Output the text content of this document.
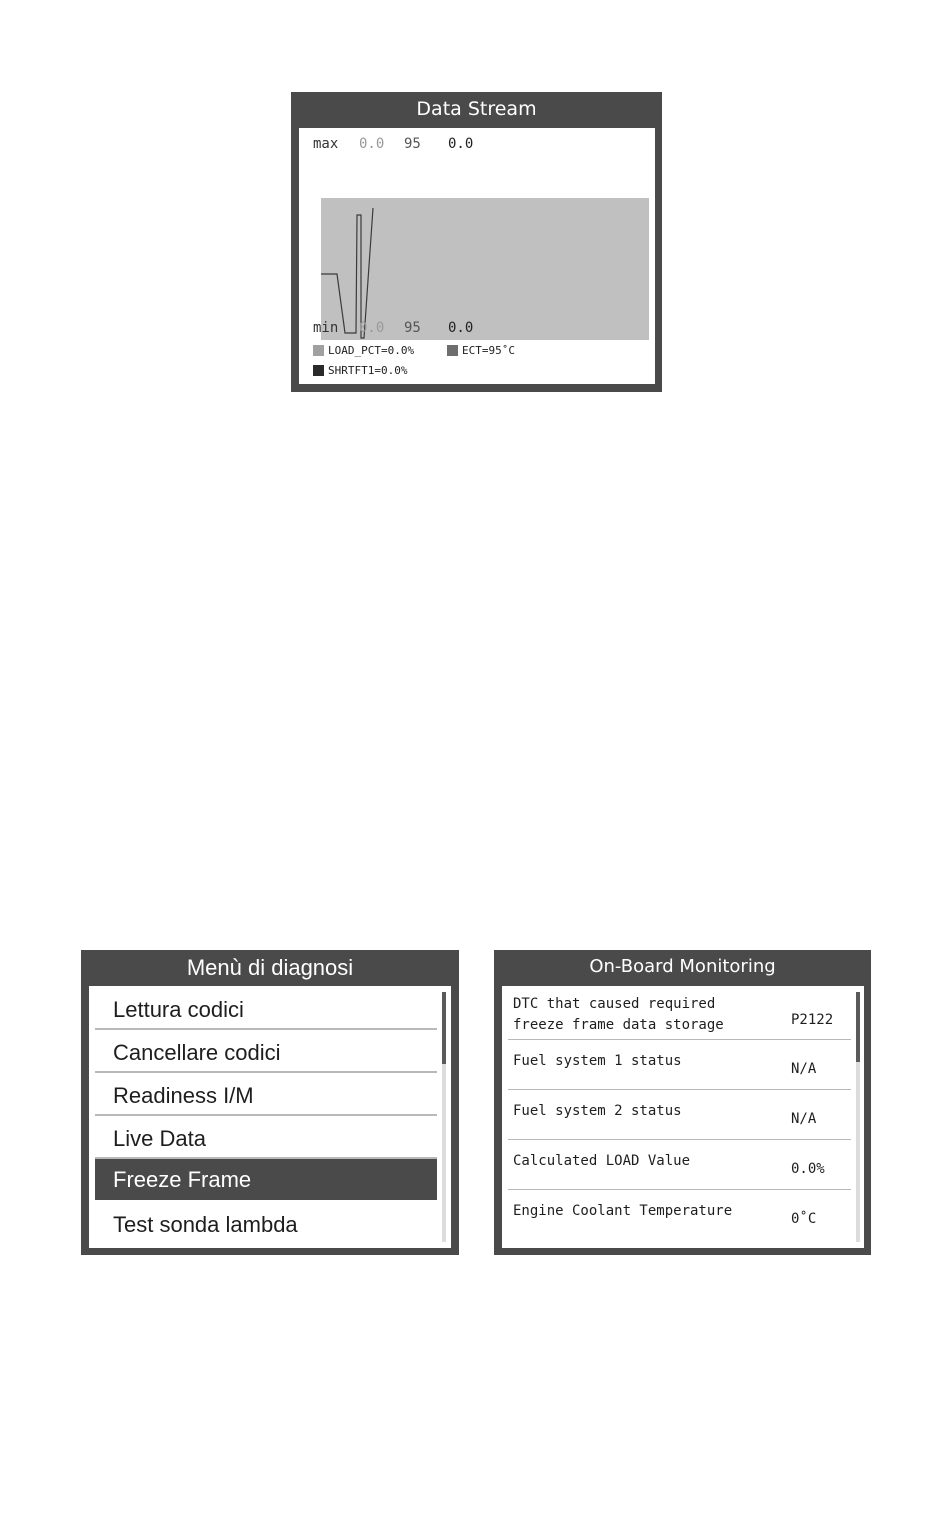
Data Stream
max 0.0 95 0.0
min 0.0 95 0.0
LOAD_PCT=0.0%	ECT=95˚C
SHRTFT1=0.0%
Menù di diagnosi
Lettura codici
Cancellare codici
Readiness I/M
Live Data
Freeze Frame
Test sonda lambda
On-Board Monitoring
DTC that caused required
freeze frame data storage	P2122
Fuel system 1 status	N/A
Fuel system 2 status	N/A
Calculated LOAD Value	0.0%
Engine Coolant Temperature	0˚C
